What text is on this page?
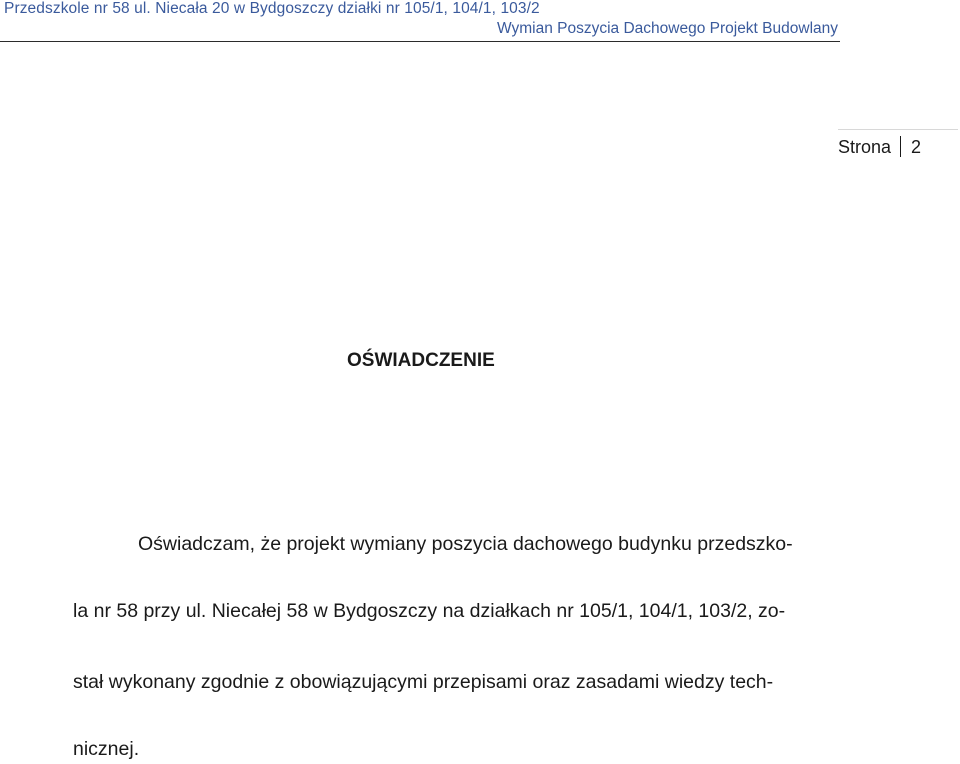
Przedszkole nr 58 ul. Niecała 20 w Bydgoszczy działki nr 105/1, 104/1, 103/2
Wymian Poszycia Dachowego Projekt Budowlany
Strona 2
OŚWIADCZENIE
Oświadczam, że projekt wymiany poszycia dachowego budynku przedszko-
la nr 58 przy ul. Niecałej 58 w Bydgoszczy na działkach nr 105/1, 104/1, 103/2, zo-
stał wykonany zgodnie z obowiązującymi przepisami oraz zasadami wiedzy tech-
nicznej.
